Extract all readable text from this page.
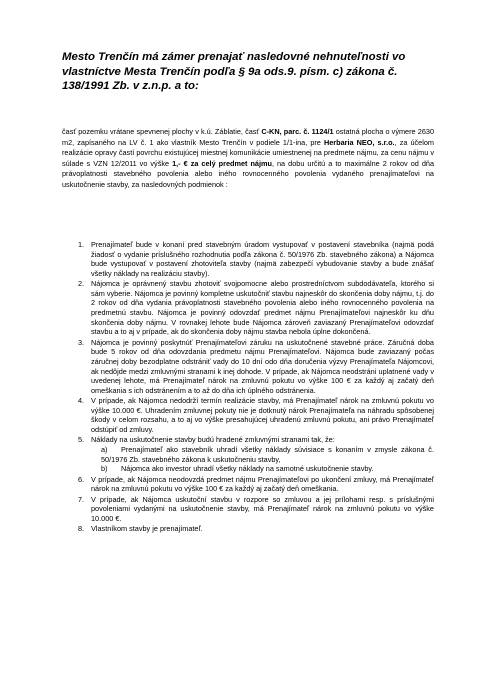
Mesto Trenčín má zámer prenajať nasledovné nehnuteľnosti vo vlastníctve Mesta Trenčín podľa § 9a ods.9. písm. c) zákona č. 138/1991 Zb. v z.n.p. a to:
časť pozemku vrátane spevnenej plochy v k.ú. Záblatie, časť C-KN, parc. č. 1124/1 ostatná plocha o výmere 2630 m2, zapísaného na LV č. 1 ako vlastník Mesto Trenčín v podiele 1/1-ina, pre Herbaria NEO, s.r.o., za účelom realizácie opravy častí povrchu existujúcej miestnej komunikácie umiestnenej na predmete nájmu, za cenu nájmu v súlade s VZN 12/2011 vo výške 1,- € za celý predmet nájmu, na dobu určitú a to maximálne 2 rokov od dňa právoplatnosti stavebného povolenia alebo iného rovnocenného povolenia vydaného prenajímateľovi na uskutočnenie stavby, za nasledovných podmienok :
1. Prenajímateľ bude v konaní pred stavebným úradom vystupovať v postavení stavebníka (najmä podá žiadosť o vydanie príslušného rozhodnutia podľa zákona č. 50/1976 Zb. stavebného zákona) a Nájomca bude vystupovať v postavení zhotoviteľa stavby (najmä zabezpečí vybudovanie stavby a bude znášať všetky náklady na realizáciu stavby).
2. Nájomca je oprávnený stavbu zhotoviť svojpomocne alebo prostredníctvom subdodávateľa, ktorého si sám vyberie. Nájomca je povinný kompletne uskutočniť stavbu najneskôr do skončenia doby nájmu, t.j. do 2 rokov od dňa vydania právoplatnosti stavebného povolenia alebo iného rovnocenného povolenia na predmetnú stavbu. Nájomca je povinný odovzdať predmet nájmu Prenajímateľovi najneskôr ku dňu skončenia doby nájmu. V rovnakej lehote bude Nájomca zároveň zaviazaný Prenajímateľovi odovzdať stavbu a to aj v prípade, ak do skončenia doby nájmu stavba nebola úplne dokončená.
3. Nájomca je povinný poskytnúť Prenajímateľovi záruku na uskutočnené stavebné práce. Záručná doba bude 5 rokov od dňa odovzdania predmetu nájmu Prenajímateľovi. Nájomca bude zaviazaný počas záručnej doby bezodplatne odstrániť vady do 10 dní odo dňa doručenia výzvy Prenajímateľa Nájomcovi, ak nedôjde medzi zmluvnými stranami k inej dohode. V prípade, ak Nájomca neodstráni uplatnené vady v uvedenej lehote, má Prenajímateľ nárok na zmluvnú pokutu vo výške 100 € za každý aj začatý deň omeškania s ich odstránením a to až do dňa ich úplného odstránenia.
4. V prípade, ak Nájomca nedodrží termín realizácie stavby, má Prenajímateľ nárok na zmluvnú pokutu vo výške 10.000 €. Uhradením zmluvnej pokuty nie je dotknutý nárok Prenajímateľa na náhradu spôsobenej škody v celom rozsahu, a to aj vo výške presahujúcej uhradenú zmluvnú pokutu, ani právo Prenajímateľ odstúpiť od zmluvy.
5. Náklady na uskutočnenie stavby budú hradené zmluvnými stranami tak, že:
a) Prenajímateľ ako stavebník uhradí všetky náklady súvisiace s konaním v zmysle zákona č. 50/1976 Zb. stavebného zákona k uskutočneniu stavby,
b) Nájomca ako investor uhradí všetky náklady na samotné uskutočnenie stavby.
6. V prípade, ak Nájomca neodovzdá predmet nájmu Prenajímateľovi po ukončení zmluvy, má Prenajímateľ nárok na zmluvnú pokutu vo výške 100 € za každý aj začatý deň omeškania.
7. V prípade, ak Nájomca uskutoční stavbu v rozpore so zmluvou a jej prílohami resp. s príslušnými povoleniami vydanými na uskutočnenie stavby, má Prenajímateľ nárok na zmluvnú pokutu vo výške 10.000 €.
8. Vlastníkom stavby je prenajímateľ.
